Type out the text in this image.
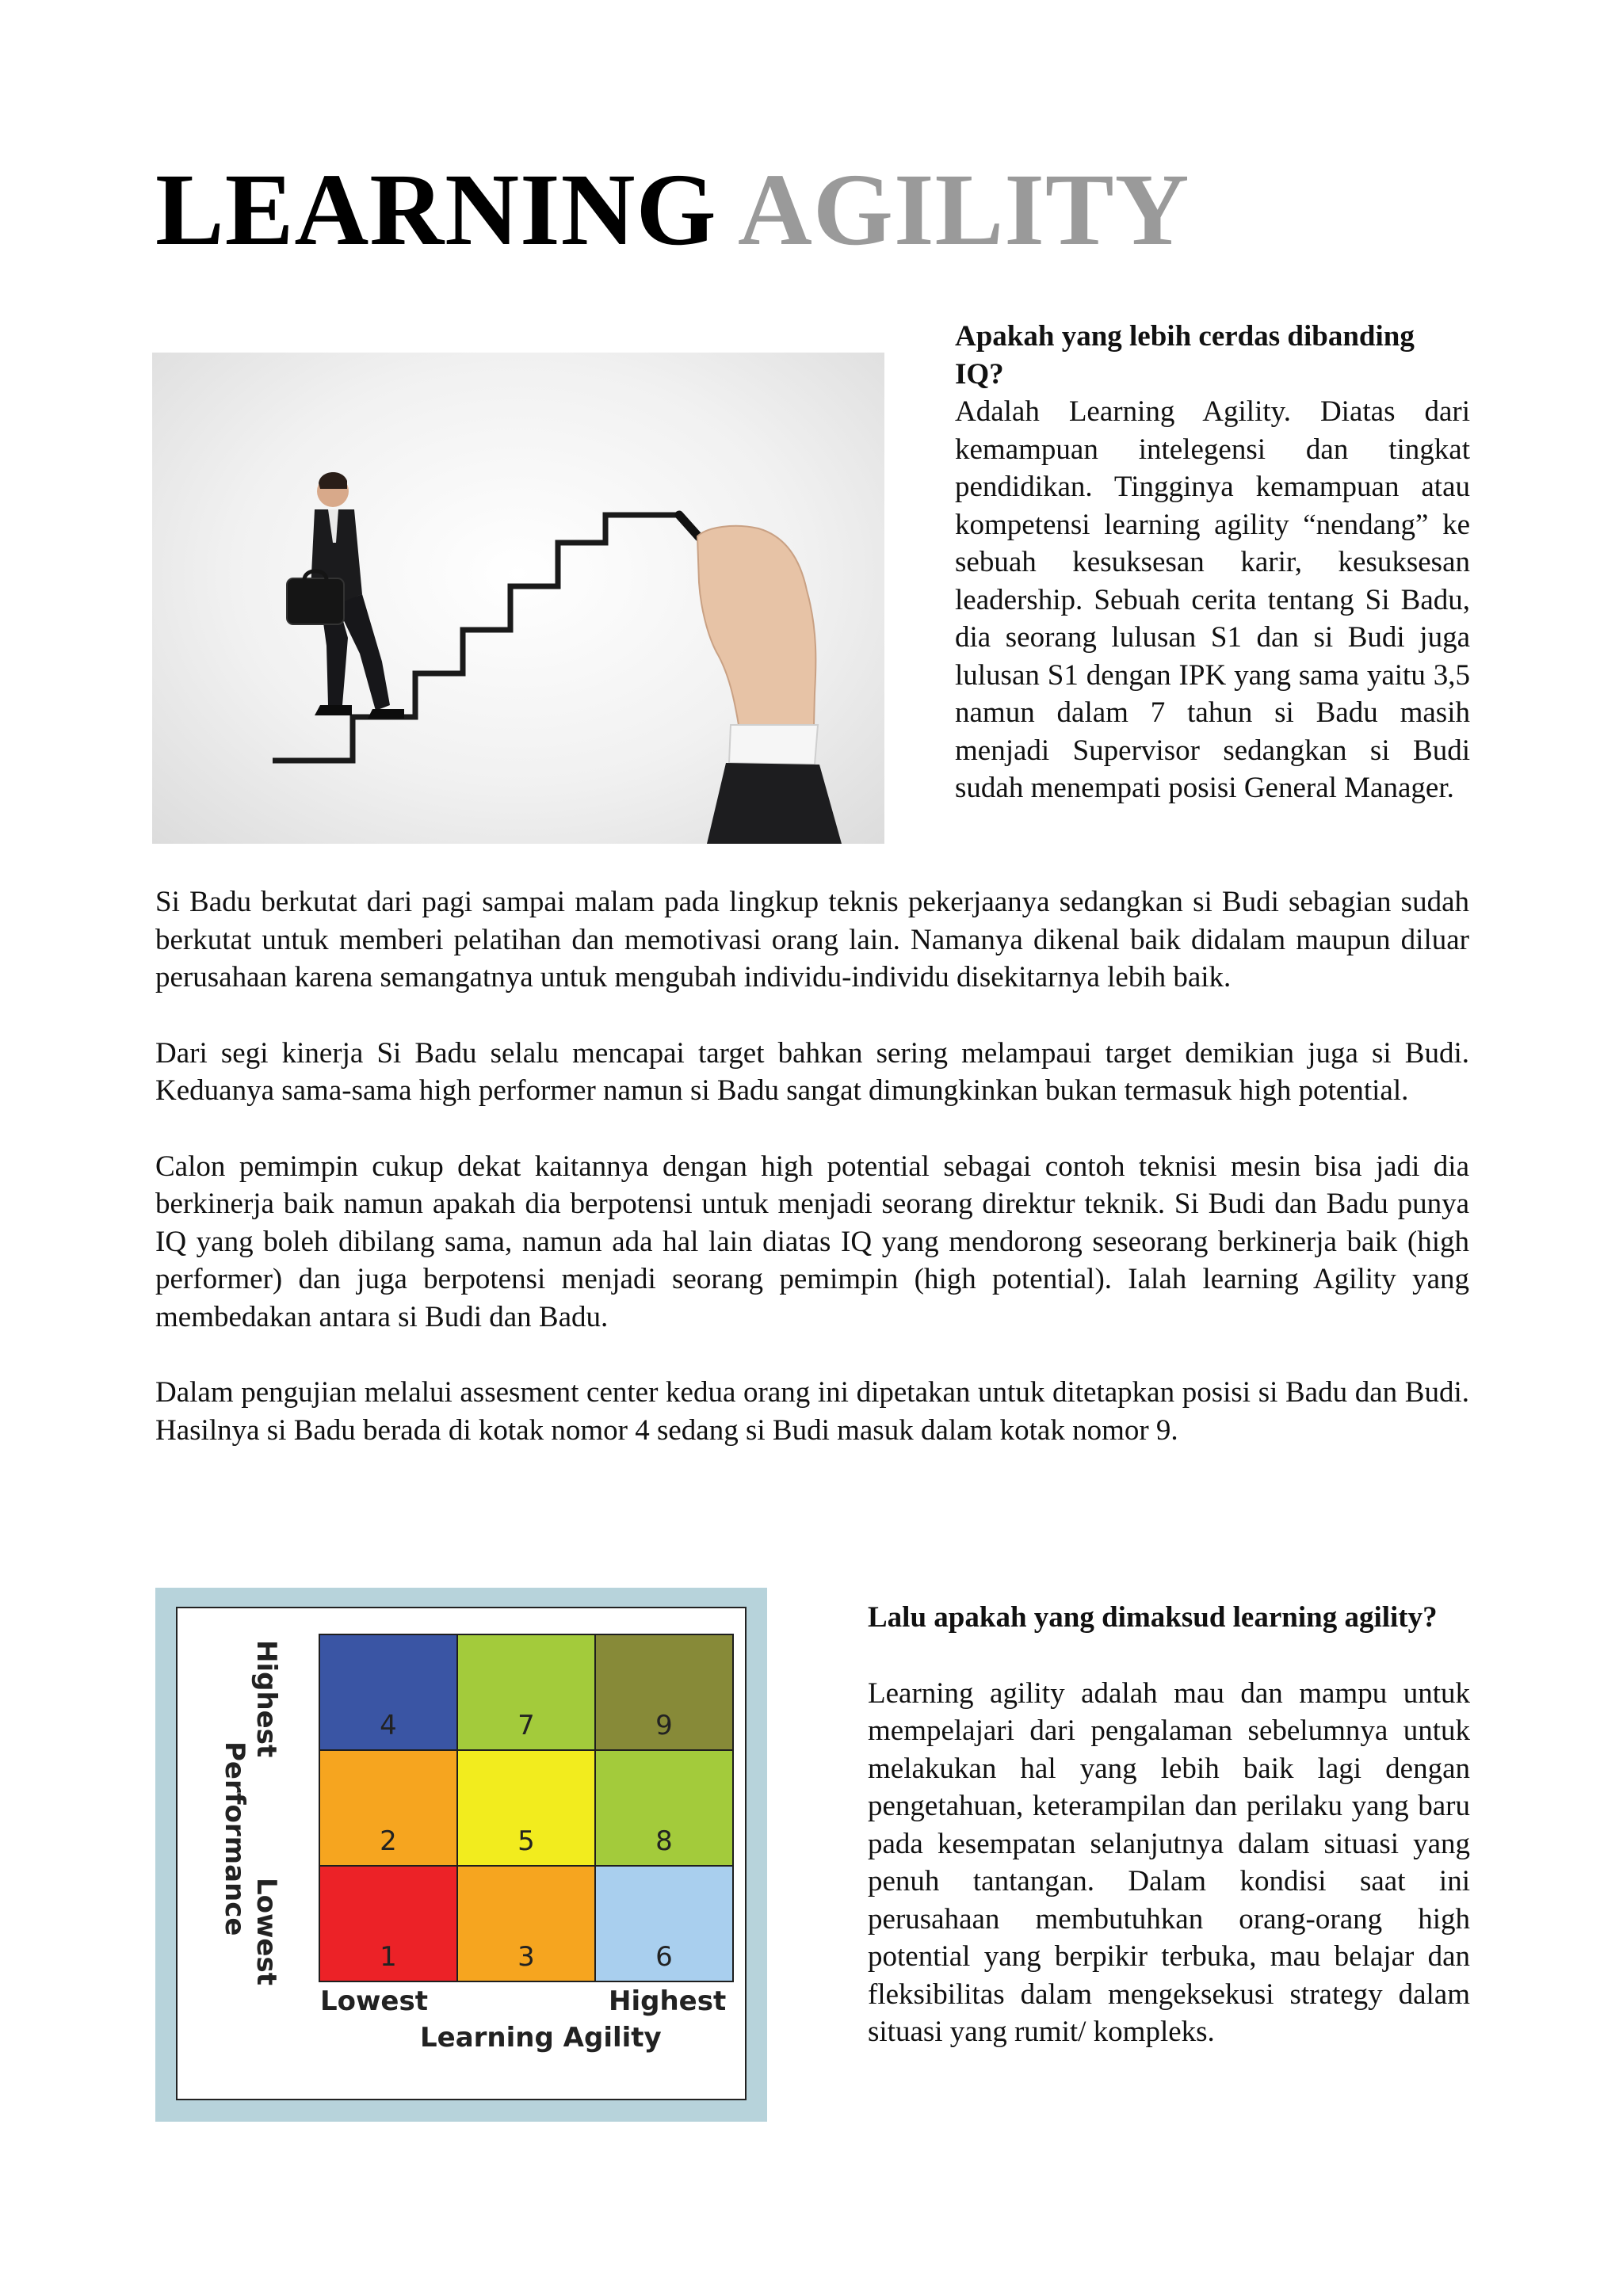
LEARNING AGILITY

Apakah yang lebih cerdas dibanding IQ?

Adalah Learning Agility. Diatas dari kemampuan intelegensi dan tingkat pendidikan. Tingginya kemampuan atau kompetensi learning agility “nendang” ke sebuah kesuksesan karir, kesuksesan leadership. Sebuah cerita tentang Si Badu, dia seorang lulusan S1 dan si Budi juga lulusan S1 dengan IPK yang sama yaitu 3,5 namun dalam 7 tahun si Badu masih menjadi Supervisor sedangkan si Budi sudah menempati posisi General Manager.

Si Badu berkutat dari pagi sampai malam pada lingkup teknis pekerjaanya sedangkan si Budi sebagian sudah berkutat untuk memberi pelatihan dan memotivasi orang lain. Namanya dikenal baik didalam maupun diluar perusahaan karena semangatnya untuk mengubah individu-individu disekitarnya lebih baik.

Dari segi kinerja Si Badu selalu mencapai target bahkan sering melampaui target demikian juga si Budi. Keduanya sama-sama high performer namun si Badu sangat dimungkinkan bukan termasuk high potential.

Calon pemimpin cukup dekat kaitannya dengan high potential sebagai contoh teknisi mesin bisa jadi dia berkinerja baik namun apakah dia berpotensi untuk menjadi seorang direktur teknik. Si Budi dan Badu punya IQ yang boleh dibilang sama, namun ada hal lain diatas IQ yang mendorong seseorang berkinerja baik (high performer) dan juga berpotensi menjadi seorang pemimpin (high potential). Ialah learning Agility yang membedakan antara si Budi dan Badu.

Dalam pengujian melalui assesment center kedua orang ini dipetakan untuk ditetapkan posisi si Badu dan Budi. Hasilnya si Badu berada di kotak nomor 4 sedang si Budi masuk dalam kotak nomor 9.

4	7	9
2	5	8
1	3	6
Highest
Performance Lowest
Lowest	Highest
Learning Agility

Lalu apakah yang dimaksud learning agility?

Learning agility adalah mau dan mampu untuk mempelajari dari pengalaman sebelumnya untuk melakukan hal yang lebih baik lagi dengan pengetahuan, keterampilan dan perilaku yang baru pada kesempatan selanjutnya dalam situasi yang penuh tantangan. Dalam kondisi saat ini perusahaan membutuhkan orang-orang high potential yang berpikir terbuka, mau belajar dan fleksibilitas dalam mengeksekusi strategy dalam situasi yang rumit/ kompleks.
